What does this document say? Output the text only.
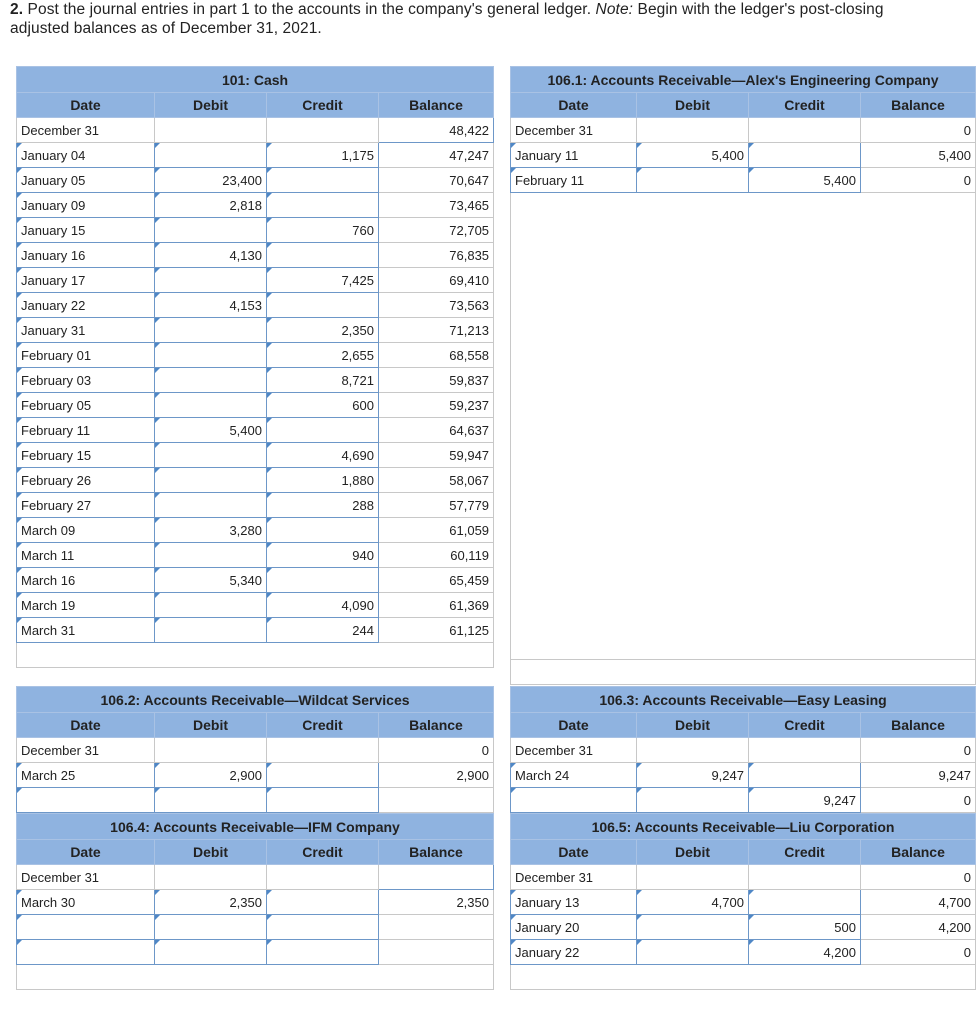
2. Post the journal entries in part 1 to the accounts in the company's general ledger. Note: Begin with the ledger's post-closing
adjusted balances as of December 31, 2021.
101: Cash			
Date	Debit	Credit	Balance
December 31			48,422
January 04		1,175	47,247
January 05	23,400		70,647
January 09	2,818		73,465
January 15		760	72,705
January 16	4,130		76,835
January 17		7,425	69,410
January 22	4,153		73,563
January 31		2,350	71,213
February 01		2,655	68,558
February 03		8,721	59,837
February 05		600	59,237
February 11	5,400		64,637
February 15		4,690	59,947
February 26		1,880	58,067
February 27		288	57,779
March 09	3,280		61,059
March 11		940	60,119
March 16	5,340		65,459
March 19		4,090	61,369
March 31		244	61,125

106.1: Accounts Receivable—Alex's Engineering Company			
Date	Debit	Credit	Balance
December 31			0
January 11	5,400		5,400
February 11		5,400	0

106.2: Accounts Receivable—Wildcat Services			
Date	Debit	Credit	Balance
December 31			0
March 25	2,900		2,900

106.3: Accounts Receivable—Easy Leasing			
Date	Debit	Credit	Balance
December 31			0
March 24	9,247		9,247
		9,247	0

106.4: Accounts Receivable—IFM Company			
Date	Debit	Credit	Balance
December 31			
March 30	2,350		2,350

106.5: Accounts Receivable—Liu Corporation			
Date	Debit	Credit	Balance
December 31			0
January 13	4,700		4,700
January 20		500	4,200
January 22		4,200	0
